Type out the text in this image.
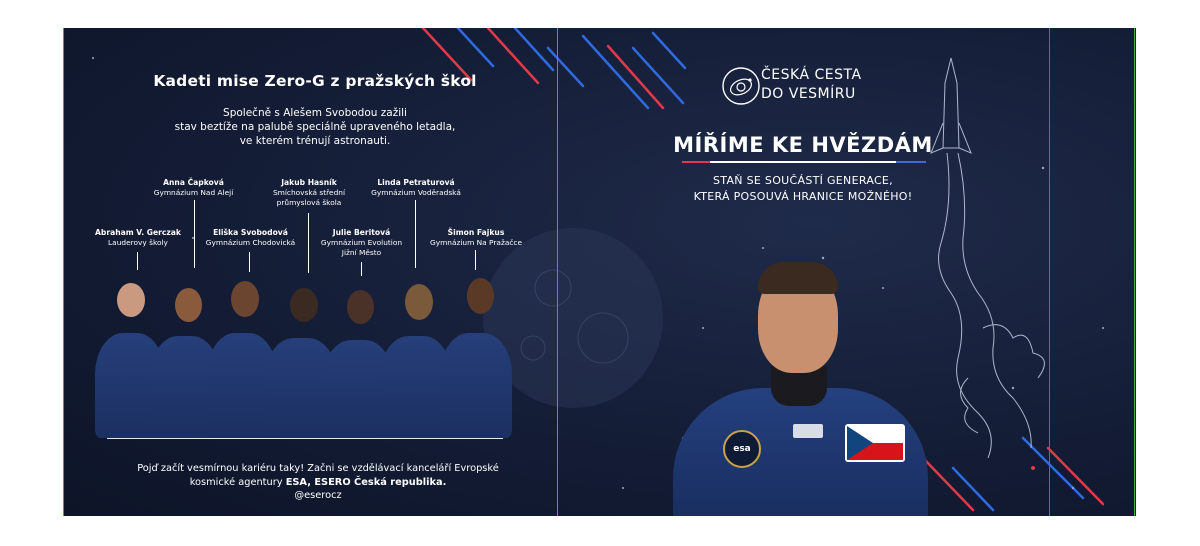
Kadeti mise Zero-G z pražských škol
Společně s Alešem Svobodou zažili
stav beztíže na palubě speciálně upraveného letadla,
ve kterém trénují astronauti.
Abraham V. Gerczak
Lauderovy školy
Anna Čapková
Gymnázium Nad Alejí
Eliška Svobodová
Gymnázium Chodovická
Jakub Hasník
Smíchovská střední
průmyslová škola
Julie Beritová
Gymnázium Evolution
Jižní Město
Linda Petraturová
Gymnázium Voděradská
Šimon Fajkus
Gymnázium Na Pražačce
Pojď začít vesmírnou kariéru taky! Začni se vzdělávací kanceláří Evropské
kosmické agentury ESA, ESERO Česká republika.
@eserocz
ČESKÁ CESTA
DO VESMÍRU
MÍŘÍME KE HVĚZDÁM
STAŇ SE SOUČÁSTÍ GENERACE,
KTERÁ POSOUVÁ HRANICE MOŽNÉHO!
esa
